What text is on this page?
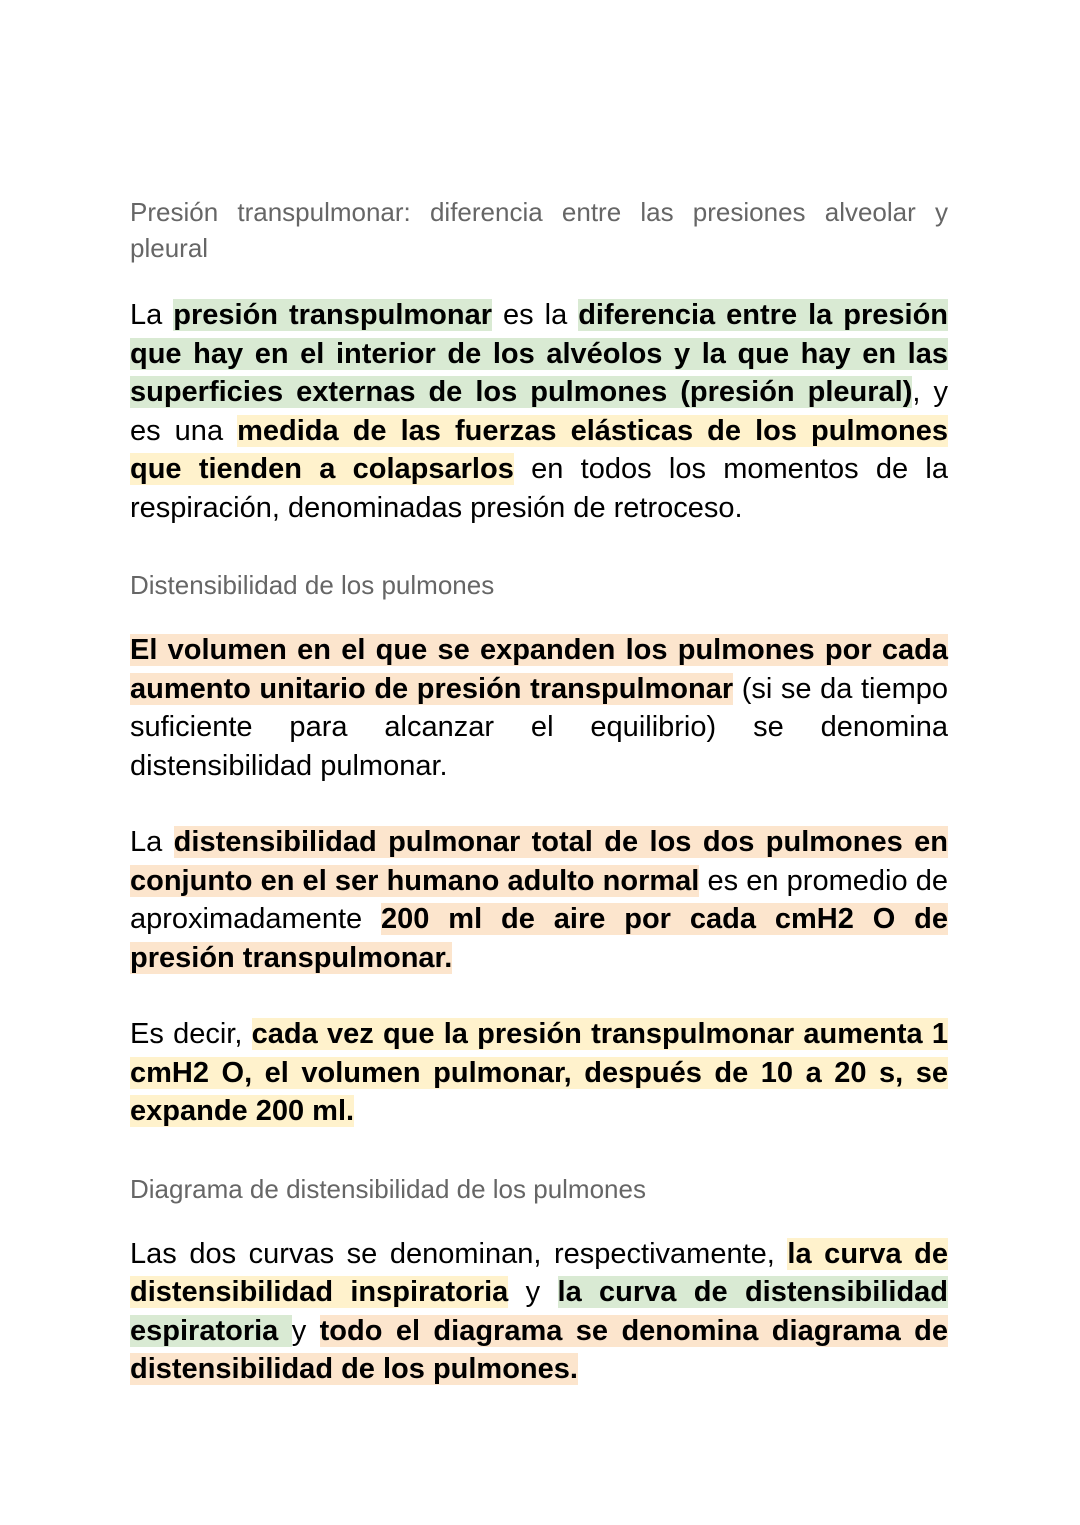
Presión transpulmonar: diferencia entre las presiones alveolar y pleural

La presión transpulmonar es la diferencia entre la presión que hay en el interior de los alvéolos y la que hay en las superficies externas de los pulmones (presión pleural), y es una medida de las fuerzas elásticas de los pulmones que tienden a colapsarlos en todos los momentos de la respiración, denominadas presión de retroceso.

Distensibilidad de los pulmones

El volumen en el que se expanden los pulmones por cada aumento unitario de presión transpulmonar (si se da tiempo suficiente para alcanzar el equilibrio) se denomina distensibilidad pulmonar.

La distensibilidad pulmonar total de los dos pulmones en conjunto en el ser humano adulto normal es en promedio de aproximadamente 200 ml de aire por cada cmH2 O de presión transpulmonar.

Es decir, cada vez que la presión transpulmonar aumenta 1 cmH2 O, el volumen pulmonar, después de 10 a 20 s, se expande 200 ml.

Diagrama de distensibilidad de los pulmones

Las dos curvas se denominan, respectivamente, la curva de distensibilidad inspiratoria y la curva de distensibilidad espiratoria y todo el diagrama se denomina diagrama de distensibilidad de los pulmones.
